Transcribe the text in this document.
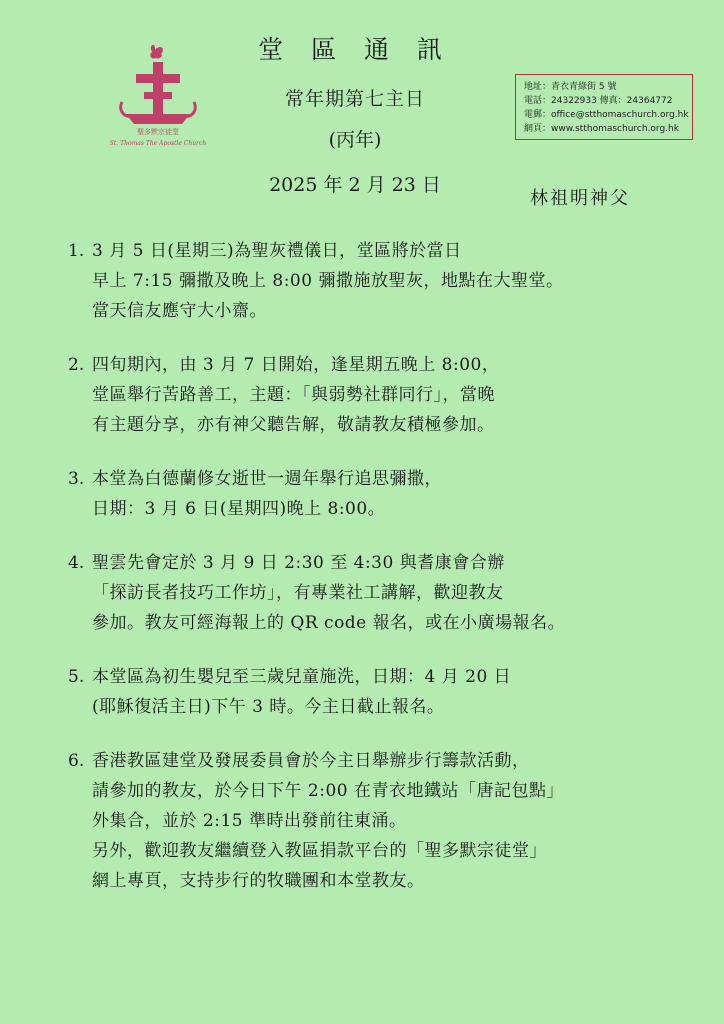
聖多默宗徒堂
St. Thomas The Apostle Church
堂 區 通 訊
常年期第七主日
(丙年)
2025 年 2 月 23 日
地址：青衣青綠街 5 號
電話：24322933 傳真：24364772
電郵：office@stthomaschurch.org.hk
網頁：www.stthomaschurch.org.hk
林祖明神父
1. 3 月 5 日(星期三)為聖灰禮儀日，堂區將於當日
早上 7:15 彌撒及晚上 8:00 彌撒施放聖灰，地點在大聖堂。
當天信友應守大小齋。
2. 四旬期內，由 3 月 7 日開始，逢星期五晚上 8:00，
堂區舉行苦路善工，主題：「與弱勢社群同行」，當晚
有主題分享，亦有神父聽告解，敬請教友積極參加。
3. 本堂為白德蘭修女逝世一週年舉行追思彌撒，
日期：3 月 6 日(星期四)晚上 8:00。
4. 聖雲先會定於 3 月 9 日 2:30 至 4:30 與耆康會合辦
「探訪長者技巧工作坊」，有專業社工講解，歡迎教友
參加。教友可經海報上的 QR code 報名，或在小廣場報名。
5. 本堂區為初生嬰兒至三歲兒童施洗，日期：4 月 20 日
(耶穌復活主日)下午 3 時。今主日截止報名。
6. 香港教區建堂及發展委員會於今主日舉辦步行籌款活動，
請參加的教友，於今日下午 2:00 在青衣地鐵站「唐記包點」
外集合，並於 2:15 準時出發前往東涌。
另外，歡迎教友繼續登入教區捐款平台的「聖多默宗徒堂」
網上專頁，支持步行的牧職團和本堂教友。
